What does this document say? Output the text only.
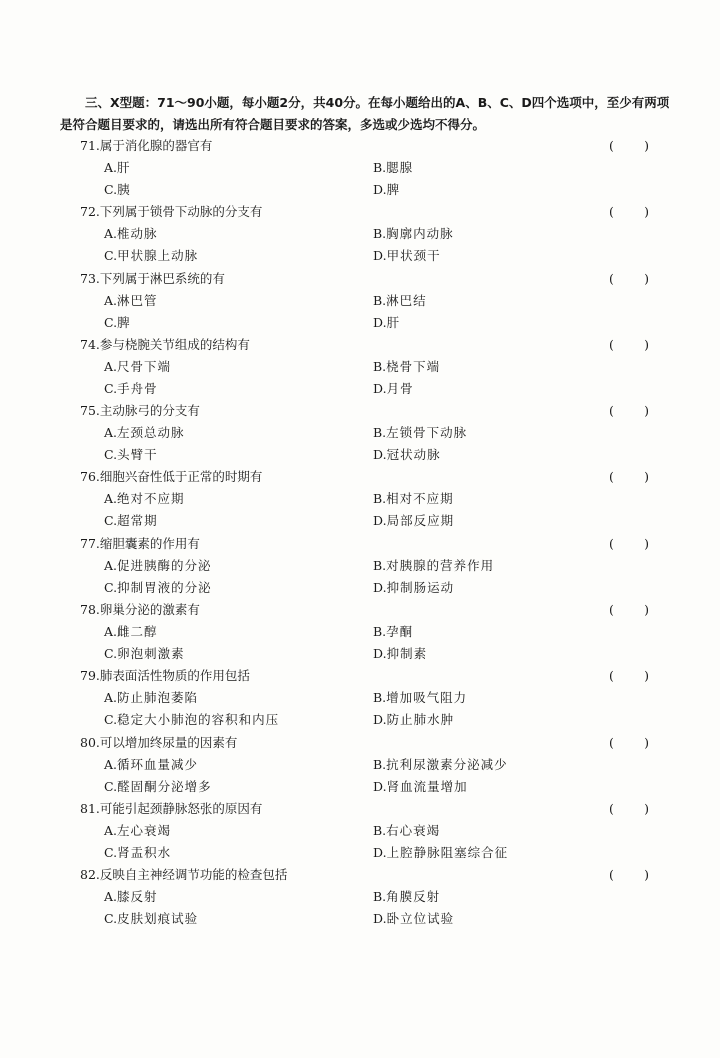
三、X型题：71～90小题，每小题2分，共40分。在每小题给出的A、B、C、D四个选项中，至少有两项是符合题目要求的，请选出所有符合题目要求的答案，多选或少选均不得分。
71.属于消化腺的器官有	( )
A.肝	B.腮腺
C.胰	D.脾
72.下列属于锁骨下动脉的分支有	( )
A.椎动脉	B.胸廓内动脉
C.甲状腺上动脉	D.甲状颈干
73.下列属于淋巴系统的有	( )
A.淋巴管	B.淋巴结
C.脾	D.肝
74.参与桡腕关节组成的结构有	( )
A.尺骨下端	B.桡骨下端
C.手舟骨	D.月骨
75.主动脉弓的分支有	( )
A.左颈总动脉	B.左锁骨下动脉
C.头臂干	D.冠状动脉
76.细胞兴奋性低于正常的时期有	( )
A.绝对不应期	B.相对不应期
C.超常期	D.局部反应期
77.缩胆囊素的作用有	( )
A.促进胰酶的分泌	B.对胰腺的营养作用
C.抑制胃液的分泌	D.抑制肠运动
78.卵巢分泌的激素有	( )
A.雌二醇	B.孕酮
C.卵泡刺激素	D.抑制素
79.肺表面活性物质的作用包括	( )
A.防止肺泡萎陷	B.增加吸气阻力
C.稳定大小肺泡的容积和内压	D.防止肺水肿
80.可以增加终尿量的因素有	( )
A.循环血量减少	B.抗利尿激素分泌减少
C.醛固酮分泌增多	D.肾血流量增加
81.可能引起颈静脉怒张的原因有	( )
A.左心衰竭	B.右心衰竭
C.肾盂积水	D.上腔静脉阻塞综合征
82.反映自主神经调节功能的检查包括	( )
A.膝反射	B.角膜反射
C.皮肤划痕试验	D.卧立位试验
